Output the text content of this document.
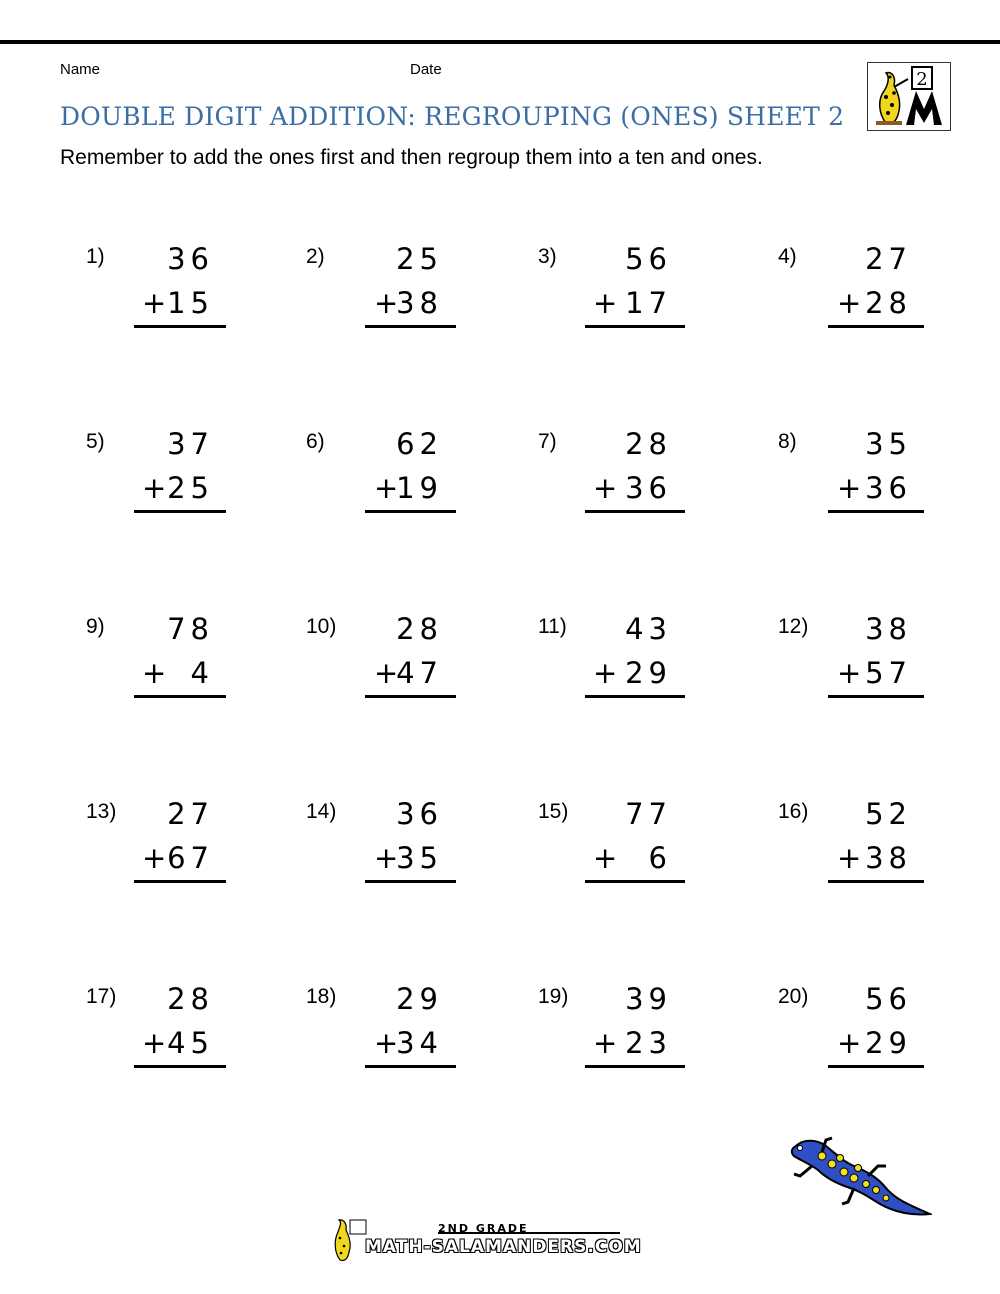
Name	Date
DOUBLE DIGIT ADDITION: REGROUPING (ONES) SHEET 2

Remember to add the ones first and then regroup them into a ten and ones.

2
1) 36
+ 15
2) 25
+
38
3) 56
+ 17
4) 27
+ 28
5) 37
+ 25
6) 62
+
19
7) 28
+ 36
8) 35
+ 36
9) 78
+ 4
10) 28
+
47
11) 43
+ 29
12) 38
+ 57
13) 27
+ 67
14) 36
+
35
15) 77
+ 6
16) 52
+ 38
17) 28
+ 45
18) 29
+
34
19) 39
+ 23
20) 56
+ 29
2ND GRADE
MATH-SALAMANDERS.COM
